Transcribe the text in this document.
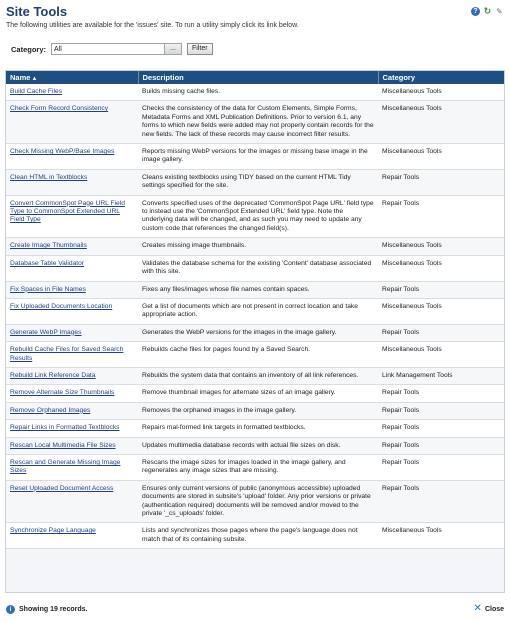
Site Tools
The following utilities are available for the 'issues' site. To run a utility simply click its link below.
? ↻ ✎
Category: All	...	Filter
Name▲	Description	Category
Build Cache Files	Builds missing cache files.	Miscellaneous Tools
Check Form Record Consistency	Checks the consistency of the data for Custom Elements, Simple Forms, Metadata Forms and XML Publication Definitions. Prior to version 6.1, any forms to which new fields were added may not properly contain records for the new fields. The lack of these records may cause incorrect filter results.	Miscellaneous Tools
Check Missing WebP/Base Images	Reports missing WebP versions for the images or missing base image in the image gallery.	Miscellaneous Tools
Clean HTML in Textblocks	Cleans existing textblocks using TIDY based on the current HTML Tidy settings specified for the site.	Repair Tools
Convert CommonSpot Page URL Field Type to CommonSpot Extended URL Field Type	Converts specified uses of the deprecated 'CommonSpot Page URL' field type to instead use the 'CommonSpot Extended URL' field type. Note the underlying data will be changed, and as such you may need to update any custom code that references the changed field(s).	Repair Tools
Create Image Thumbnails	Creates missing image thumbnails.	Miscellaneous Tools
Database Table Validator	Validates the database schema for the existing 'Content' database associated with this site.	Miscellaneous Tools
Fix Spaces in File Names	Fixes any files/images whose file names contain spaces.	Repair Tools
Fix Uploaded Documents Location	Get a list of documents which are not present in correct location and take appropriate action.	Miscellaneous Tools
Generate WebP Images	Generates the WebP versions for the images in the image gallery.	Repair Tools
Rebuild Cache Files for Saved Search Results	Rebuilds cache files for pages found by a Saved Search.	Miscellaneous Tools
Rebuild Link Reference Data	Rebuilds the system data that contains an inventory of all link references.	Link Management Tools
Remove Alternate Size Thumbnails	Remove thumbnail images for alternate sizes of an image gallery.	Repair Tools
Remove Orphaned Images	Removes the orphaned images in the image gallery.	Repair Tools
Repair Links in Formatted Textblocks	Repairs mal-formed link targets in formatted textblocks.	Repair Tools
Rescan Local Multimedia File Sizes	Updates multimedia database records with actual file sizes on disk.	Repair Tools
Rescan and Generate Missing Image Sizes	Rescans the image sizes for images loaded in the image gallery, and regenerates any image sizes that are missing.	Repair Tools
Reset Uploaded Document Access	Ensures only current versions of public (anonymous accessible) uploaded documents are stored in subsite's 'upload' folder. Any prior versions or private (authentication required) documents will be removed and/or moved to the private '_cs_uploads' folder.	Repair Tools
Synchronize Page Language	Lists and synchronizes those pages where the page's language does not match that of its containing subsite.	Miscellaneous Tools
i	Showing 19 records.	✕ Close
